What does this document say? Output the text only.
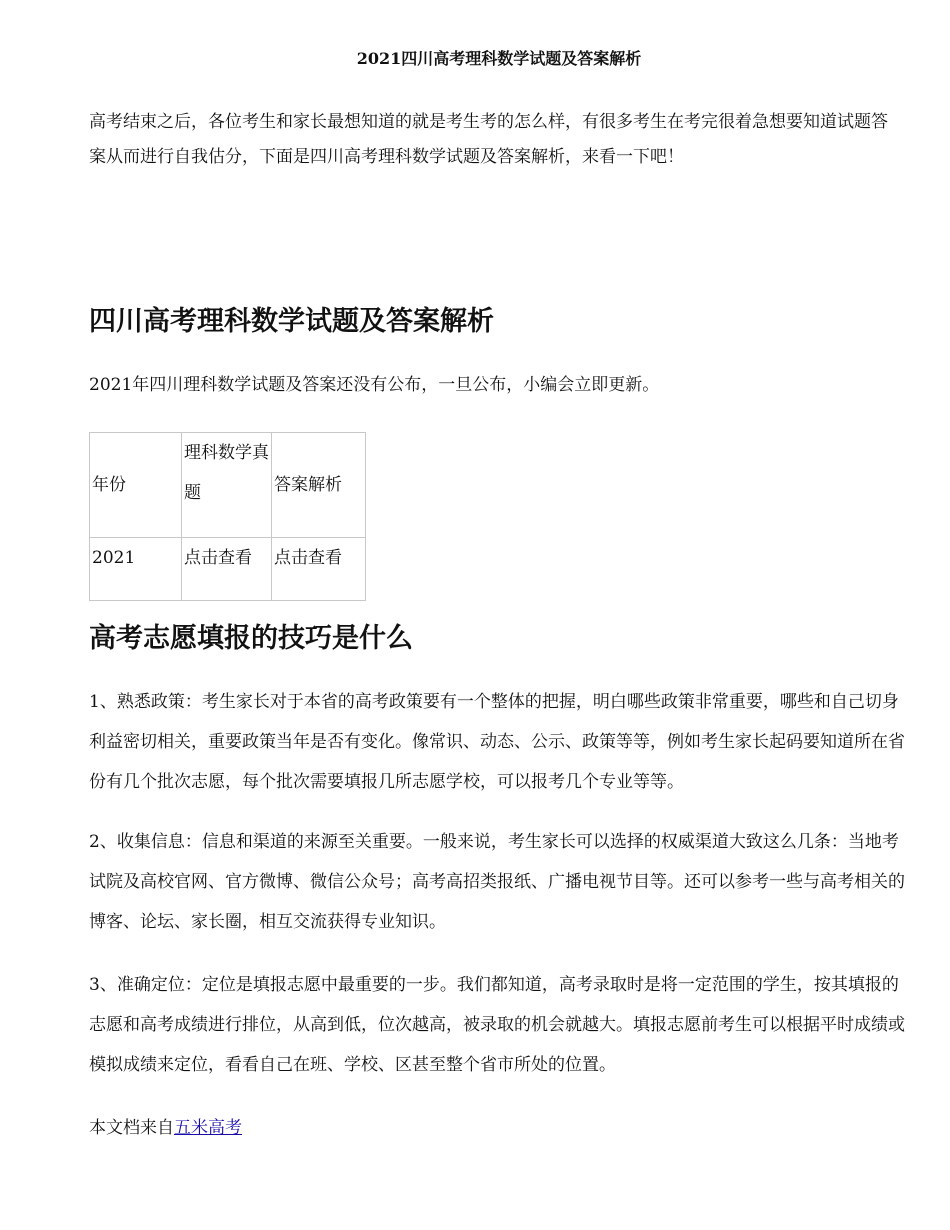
2021四川高考理科数学试题及答案解析

高考结束之后，各位考生和家长最想知道的就是考生考的怎么样，有很多考生在考完很着急想要知道试题答案从而进行自我估分，下面是四川高考理科数学试题及答案解析，来看一下吧！

四川高考理科数学试题及答案解析

2021年四川理科数学试题及答案还没有公布，一旦公布，小编会立即更新。

年份	理科数学真题	答案解析
2021	点击查看	点击查看
高考志愿填报的技巧是什么

1、熟悉政策：考生家长对于本省的高考政策要有一个整体的把握，明白哪些政策非常重要，哪些和自己切身利益密切相关，重要政策当年是否有变化。像常识、动态、公示、政策等等，例如考生家长起码要知道所在省份有几个批次志愿，每个批次需要填报几所志愿学校，可以报考几个专业等等。

2、收集信息：信息和渠道的来源至关重要。一般来说，考生家长可以选择的权威渠道大致这么几条：当地考试院及高校官网、官方微博、微信公众号；高考高招类报纸、广播电视节目等。还可以参考一些与高考相关的博客、论坛、家长圈，相互交流获得专业知识。

3、准确定位：定位是填报志愿中最重要的一步。我们都知道，高考录取时是将一定范围的学生，按其填报的志愿和高考成绩进行排位，从高到低，位次越高，被录取的机会就越大。填报志愿前考生可以根据平时成绩或模拟成绩来定位，看看自己在班、学校、区甚至整个省市所处的位置。

本文档来自五米高考
